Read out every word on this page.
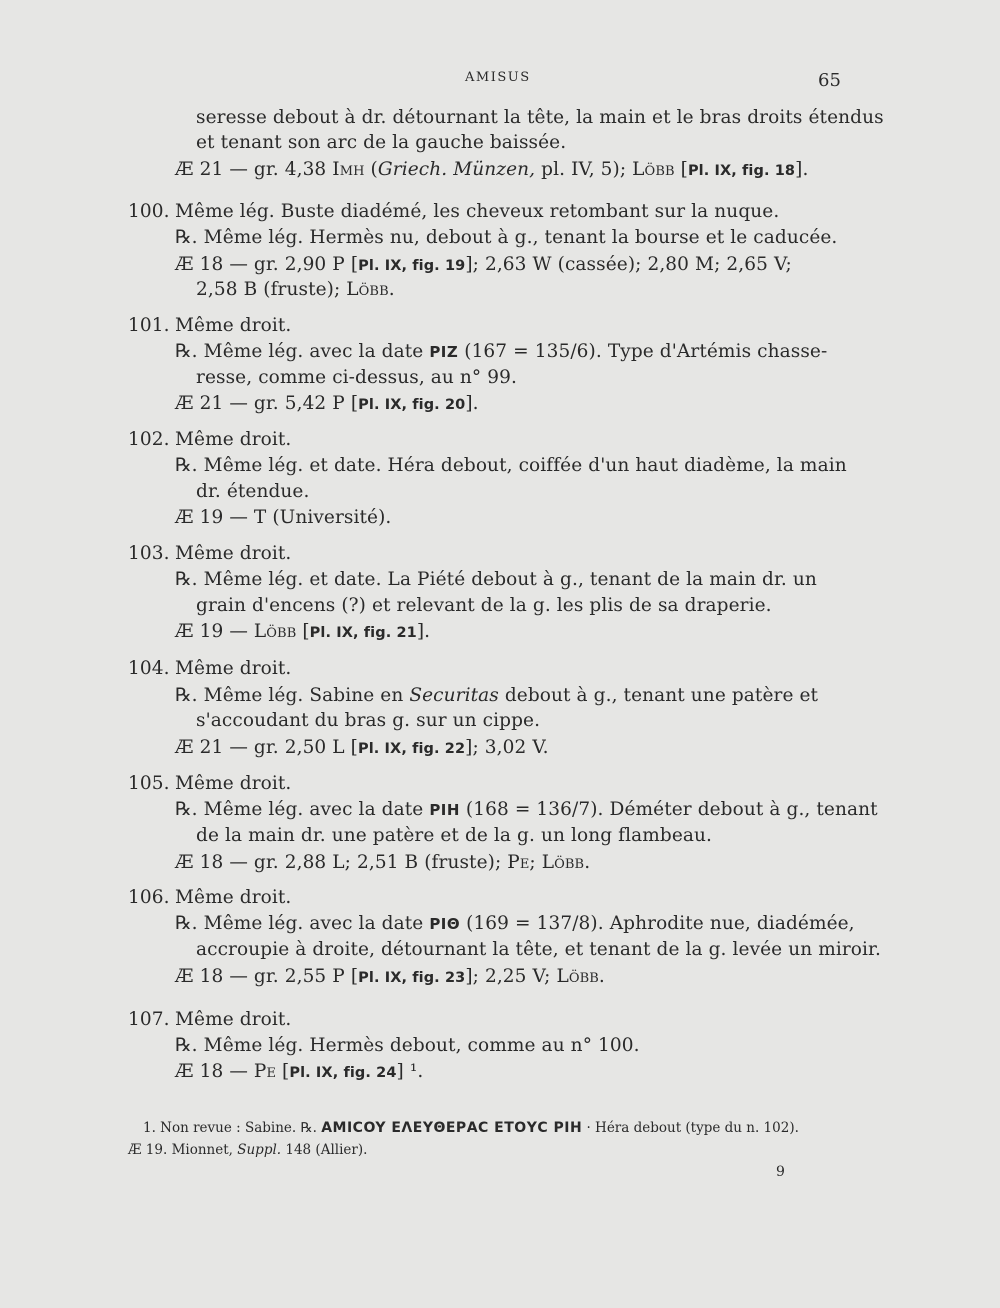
AMISUS	65
seresse debout à dr. détournant la tête, la main et le bras droits étendus
et tenant son arc de la gauche baissée.
Æ 21 — gr. 4,38 Imh (Griech. Münzen, pl. IV, 5); Löbb [Pl. IX, fig. 18].
100. Même lég. Buste diadémé, les cheveux retombant sur la nuque.
℞. Même lég. Hermès nu, debout à g., tenant la bourse et le caducée.
Æ 18 — gr. 2,90 P [Pl. IX, fig. 19]; 2,63 W (cassée); 2,80 M; 2,65 V;
2,58 B (fruste); Löbb.
101. Même droit.
℞. Même lég. avec la date PIZ (167 = 135/6). Type d'Artémis chasse-
resse, comme ci-dessus, au n° 99.
Æ 21 — gr. 5,42 P [Pl. IX, fig. 20].
102. Même droit.
℞. Même lég. et date. Héra debout, coiffée d'un haut diadème, la main
dr. étendue.
Æ 19 — T (Université).
103. Même droit.
℞. Même lég. et date. La Piété debout à g., tenant de la main dr. un
grain d'encens (?) et relevant de la g. les plis de sa draperie.
Æ 19 — Löbb [Pl. IX, fig. 21].
104. Même droit.
℞. Même lég. Sabine en Securitas debout à g., tenant une patère et
s'accoudant du bras g. sur un cippe.
Æ 21 — gr. 2,50 L [Pl. IX, fig. 22]; 3,02 V.
105. Même droit.
℞. Même lég. avec la date PIH (168 = 136/7). Déméter debout à g., tenant
de la main dr. une patère et de la g. un long flambeau.
Æ 18 — gr. 2,88 L; 2,51 B (fruste); Pe; Löbb.
106. Même droit.
℞. Même lég. avec la date PIΘ (169 = 137/8). Aphrodite nue, diadémée,
accroupie à droite, détournant la tête, et tenant de la g. levée un miroir.
Æ 18 — gr. 2,55 P [Pl. IX, fig. 23]; 2,25 V; Löbb.
107. Même droit.
℞. Même lég. Hermès debout, comme au n° 100.
Æ 18 — Pe [Pl. IX, fig. 24] ¹.
1. Non revue : Sabine. ℞. AMICOY ΕΛΕΥΘΕΡΑC ΕΤΟΥC PIH · Héra debout (type du n. 102).
Æ 19. Mionnet, Suppl. 148 (Allier).
9
